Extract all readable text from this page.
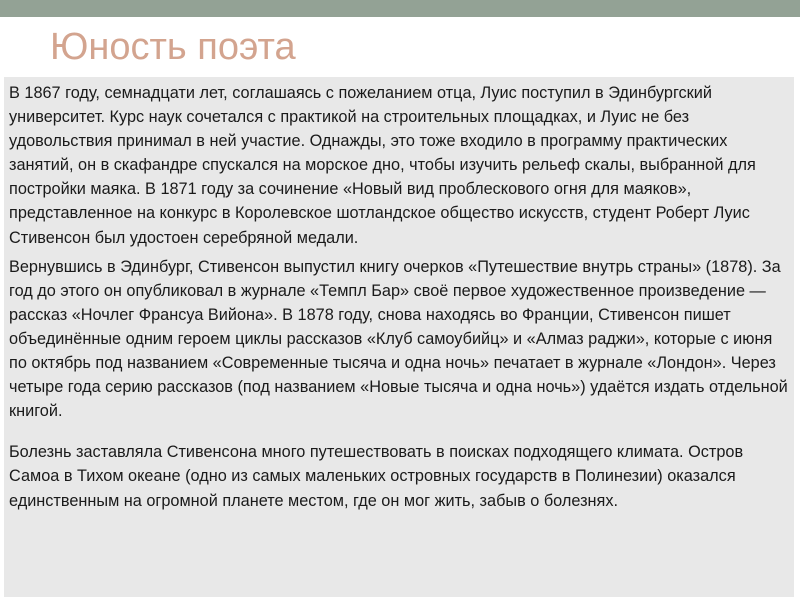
Юность поэта

В 1867 году, семнадцати лет, соглашаясь с пожеланием отца, Луис поступил в Эдинбургский университет. Курс наук сочетался с практикой на строительных площадках, и Луис не без удовольствия принимал в ней участие. Однажды, это тоже входило в программу практических занятий, он в скафандре спускался на морское дно, чтобы изучить рельеф скалы, выбранной для постройки маяка. В 1871 году за сочинение «Новый вид проблескового огня для маяков», представленное на конкурс в Королевское шотландское общество искусств, студент Роберт Луис Стивенсон был удостоен серебряной медали.

Вернувшись в Эдинбург, Стивенсон выпустил книгу очерков «Путешествие внутрь страны» (1878). За год до этого он опубликовал в журнале «Темпл Бар» своё первое художественное произведение — рассказ «Ночлег Франсуа Вийона». В 1878 году, снова находясь во Франции, Стивенсон пишет объединённые одним героем циклы рассказов «Клуб самоубийц» и «Алмаз раджи», которые с июня по октябрь под названием «Современные тысяча и одна ночь» печатает в журнале «Лондон». Через четыре года серию рассказов (под названием «Новые тысяча и одна ночь») удаётся издать отдельной книгой.

Болезнь заставляла Стивенсона много путешествовать в поисках подходящего климата. Остров Самоа в Тихом океане (одно из самых маленьких островных государств в Полинезии) оказался единственным на огромной планете местом, где он мог жить, забыв о болезнях.
